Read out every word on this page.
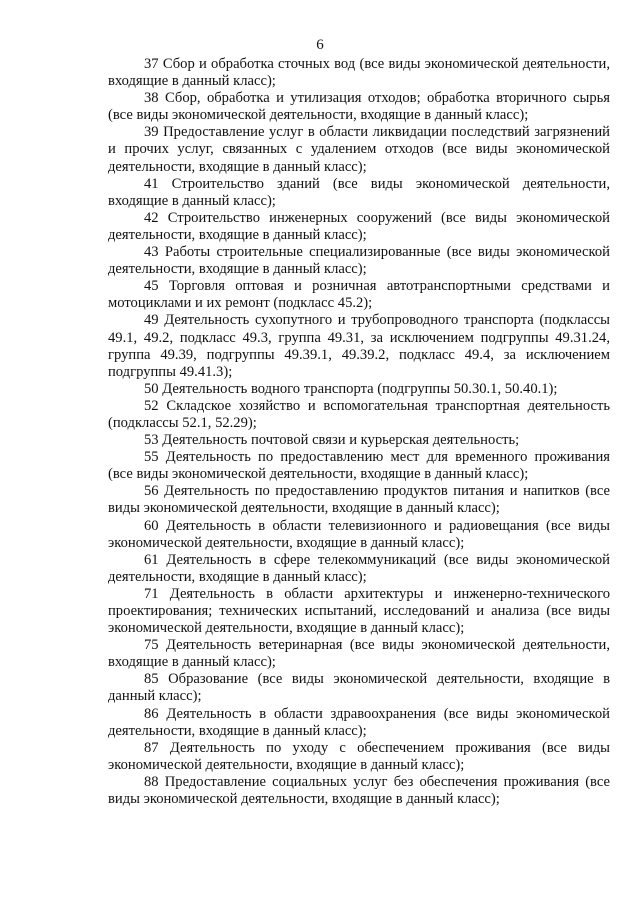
6

37 Сбор и обработка сточных вод (все виды экономической деятельности, входящие в данный класс);

38 Сбор, обработка и утилизация отходов; обработка вторичного сырья (все виды экономической деятельности, входящие в данный класс);

39 Предоставление услуг в области ликвидации последствий загрязнений и прочих услуг, связанных с удалением отходов (все виды экономической деятельности, входящие в данный класс);

41 Строительство зданий (все виды экономической деятельности, входящие в данный класс);

42 Строительство инженерных сооружений (все виды экономической деятельности, входящие в данный класс);

43 Работы строительные специализированные (все виды экономической деятельности, входящие в данный класс);

45 Торговля оптовая и розничная автотранспортными средствами и мотоциклами и их ремонт (подкласс 45.2);

49 Деятельность сухопутного и трубопроводного транспорта (подклассы 49.1, 49.2, подкласс 49.3, группа 49.31, за исключением подгруппы 49.31.24, группа 49.39, подгруппы 49.39.1, 49.39.2, подкласс 49.4, за исключением подгруппы 49.41.3);

50 Деятельность водного транспорта (подгруппы 50.30.1, 50.40.1);

52 Складское хозяйство и вспомогательная транспортная деятельность (подклассы 52.1, 52.29);

53 Деятельность почтовой связи и курьерская деятельность;

55 Деятельность по предоставлению мест для временного проживания (все виды экономической деятельности, входящие в данный класс);

56 Деятельность по предоставлению продуктов питания и напитков (все виды экономической деятельности, входящие в данный класс);

60 Деятельность в области телевизионного и радиовещания (все виды экономической деятельности, входящие в данный класс);

61 Деятельность в сфере телекоммуникаций (все виды экономической деятельности, входящие в данный класс);

71 Деятельность в области архитектуры и инженерно-технического проектирования; технических испытаний, исследований и анализа (все виды экономической деятельности, входящие в данный класс);

75 Деятельность ветеринарная (все виды экономической деятельности, входящие в данный класс);

85 Образование (все виды экономической деятельности, входящие в данный класс);

86 Деятельность в области здравоохранения (все виды экономической деятельности, входящие в данный класс);

87 Деятельность по уходу с обеспечением проживания (все виды экономической деятельности, входящие в данный класс);

88 Предоставление социальных услуг без обеспечения проживания (все виды экономической деятельности, входящие в данный класс);
